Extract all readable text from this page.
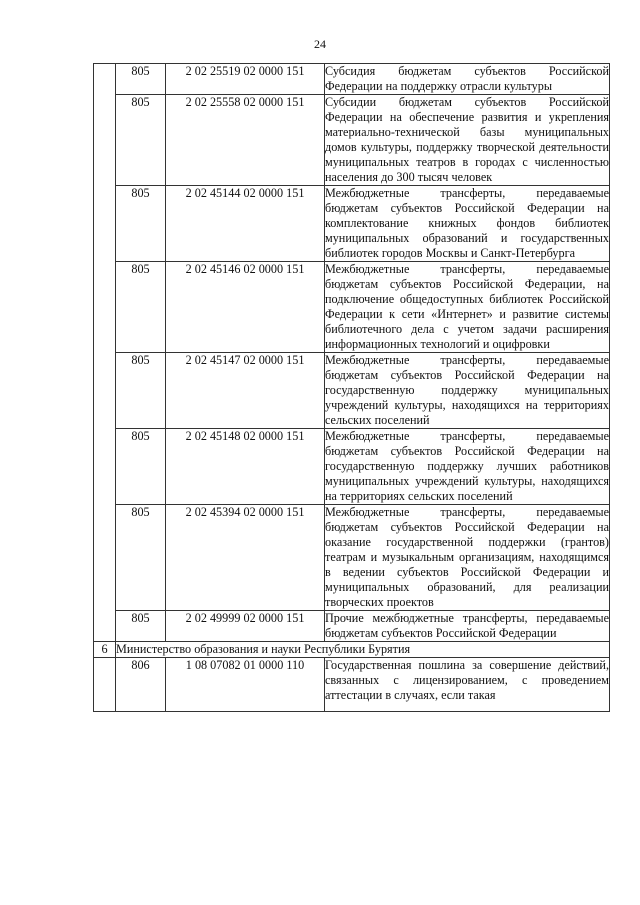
24
	805	2 02 25519 02 0000 151	Субсидия бюджетам субъектов Российской Федерации на поддержку отрасли культуры
	805	2 02 25558 02 0000 151	Субсидии бюджетам субъектов Российской Федерации на обеспечение развития и укрепления материально-технической базы муниципальных домов культуры, поддержку творческой деятельности муниципальных театров в городах с численностью населения до 300 тысяч человек
	805	2 02 45144 02 0000 151	Межбюджетные трансферты, передаваемые бюджетам субъектов Российской Федерации на комплектование книжных фондов библиотек муниципальных образований и государственных библиотек городов Москвы и Санкт-Петербурга
	805	2 02 45146 02 0000 151	Межбюджетные трансферты, передаваемые бюджетам субъектов Российской Федерации, на подключение общедоступных библиотек Российской Федерации к сети «Интернет» и развитие системы библиотечного дела с учетом задачи расширения информационных технологий и оцифровки
	805	2 02 45147 02 0000 151	Межбюджетные трансферты, передаваемые бюджетам субъектов Российской Федерации на государственную поддержку муниципальных учреждений культуры, находящихся на территориях сельских поселений
	805	2 02 45148 02 0000 151	Межбюджетные трансферты, передаваемые бюджетам субъектов Российской Федерации на государственную поддержку лучших работников муниципальных учреждений культуры, находящихся на территориях сельских поселений
	805	2 02 45394 02 0000 151	Межбюджетные трансферты, передаваемые бюджетам субъектов Российской Федерации на оказание государственной поддержки (грантов) театрам и музыкальным организациям, находящимся в ведении субъектов Российской Федерации и муниципальных образований, для реализации творческих проектов
	805	2 02 49999 02 0000 151	Прочие межбюджетные трансферты, передаваемые бюджетам субъектов Российской Федерации
6	Министерство образования и науки Республики Бурятия		
	806	1 08 07082 01 0000 110	Государственная пошлина за совершение действий, связанных с лицензированием, с проведением аттестации в случаях, если такая
